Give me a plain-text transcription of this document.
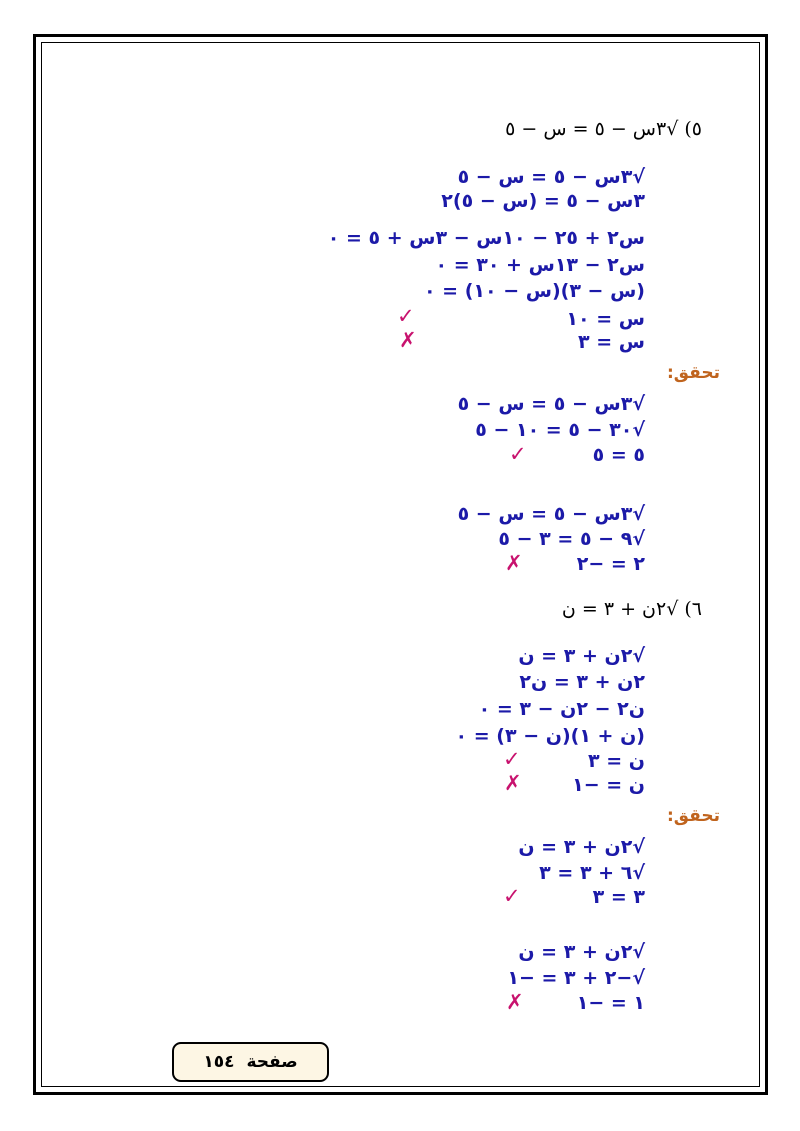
٥) √٣س − ٥ = س − ٥
√٣س − ٥ = س − ٥
٣س − ٥ = (س − ٥)٢
س٢ + ٢٥ − ١٠س − ٣س + ٥ = ٠
س٢ − ١٣س + ٣٠ = ٠
(س − ٣)(س − ١٠) = ٠
س = ١٠
✓
س = ٣
✗
تحقق:
√٣س − ٥ = س − ٥
√٣٠ − ٥ = ١٠ − ٥
٥ = ٥
✓
√٣س − ٥ = س − ٥
√٩ − ٥ = ٣ − ٥
٢ = −٢
✗
٦) √٢ن + ٣ = ن
√٢ن + ٣ = ن
٢ن + ٣ = ن٢
ن٢ − ٢ن − ٣ = ٠
(ن + ١)(ن − ٣) = ٠
ن = ٣
✓
ن = −١
✗
تحقق:
√٢ن + ٣ = ن
√٦ + ٣ = ٣
٣ = ٣
✓
√٢ن + ٣ = ن
√−٢ + ٣ = −١
١ = −١
✗
صفحة
١٥٤
